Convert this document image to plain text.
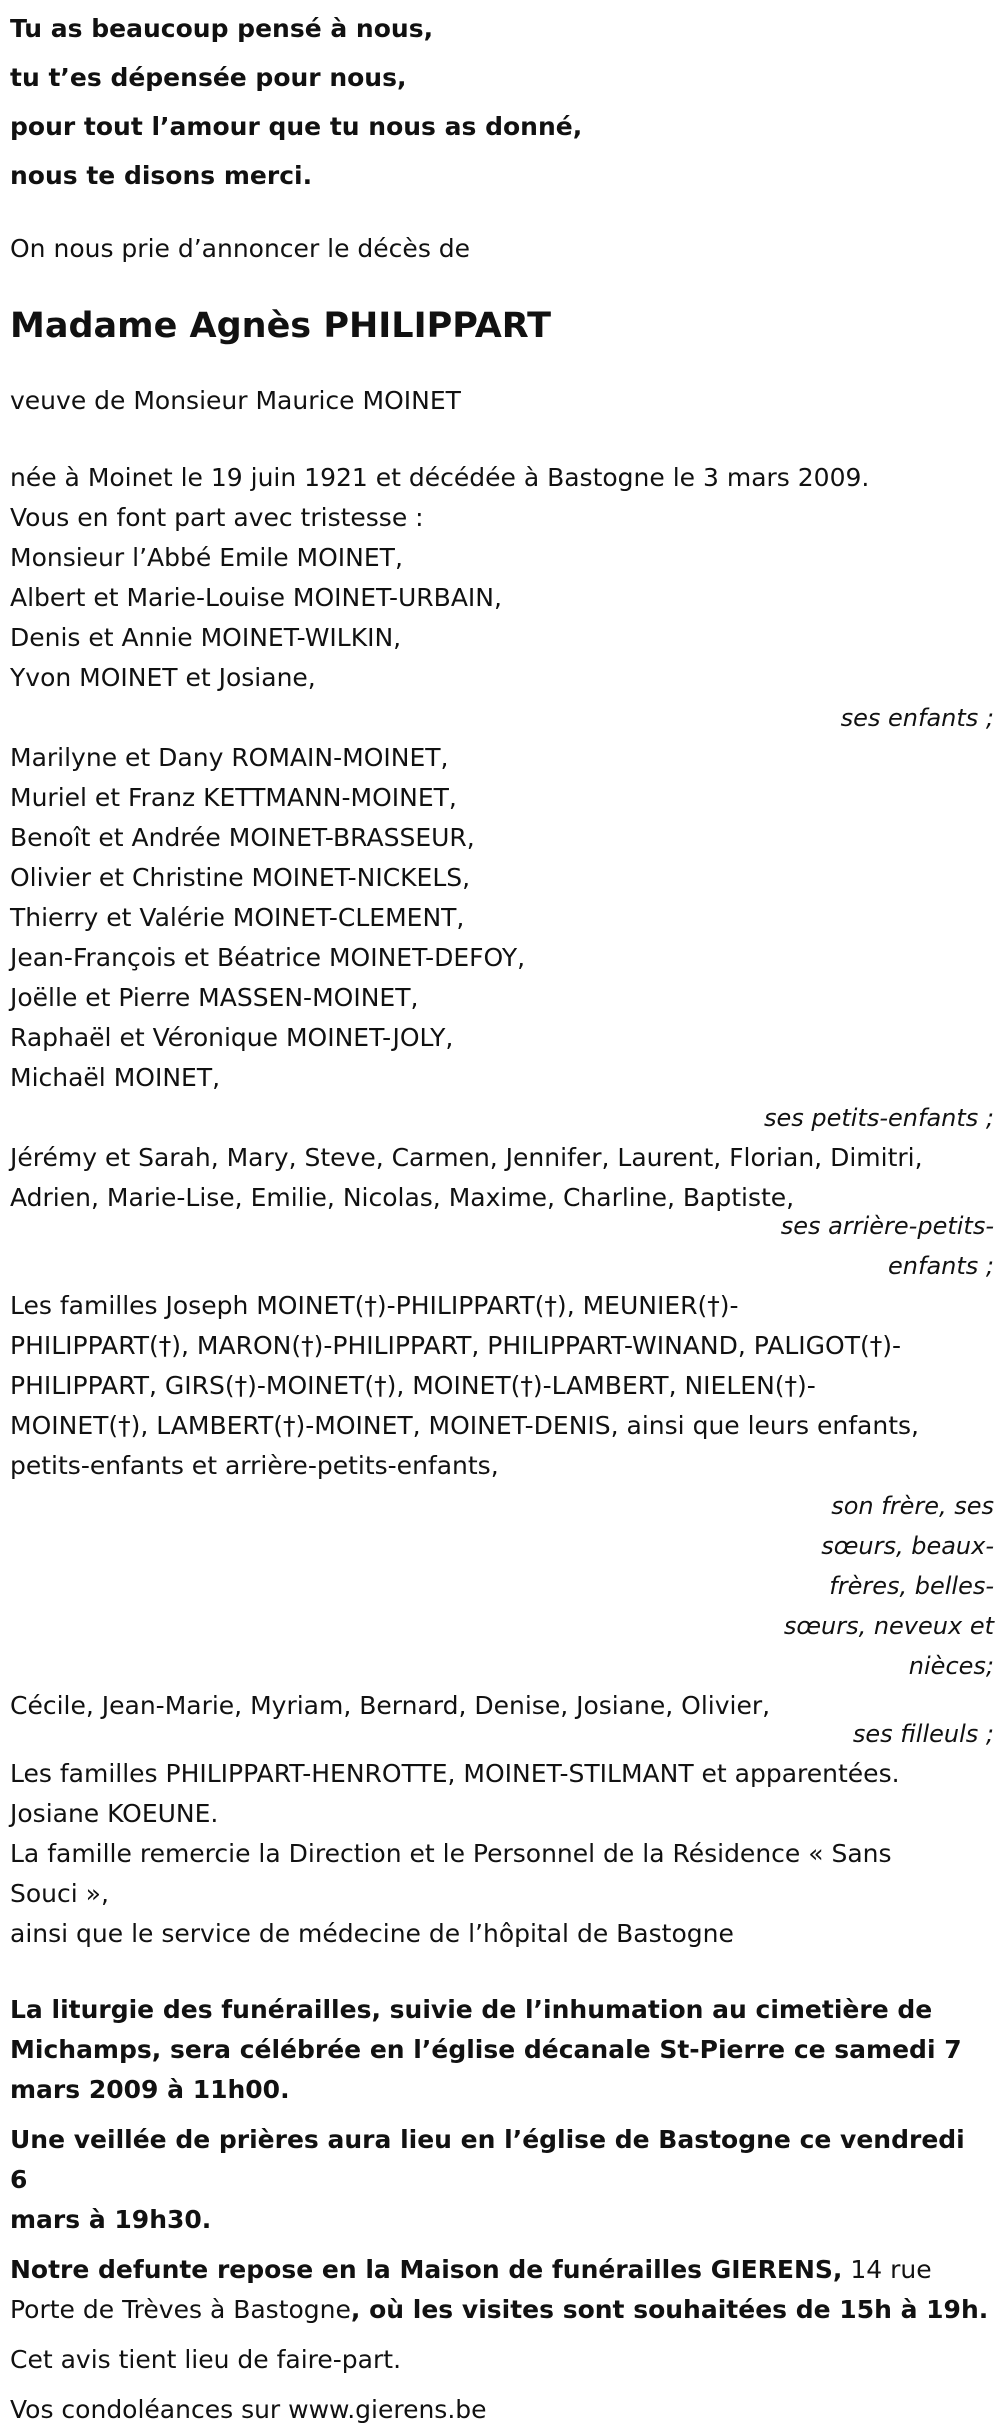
Tu as beaucoup pensé à nous,
tu t’es dépensée pour nous,
pour tout l’amour que tu nous as donné,
nous te disons merci.
On nous prie d’annoncer le décès de
Madame Agnès PHILIPPART
veuve de Monsieur Maurice MOINET
née à Moinet le 19 juin 1921 et décédée à Bastogne le 3 mars 2009.
Vous en font part avec tristesse :
Monsieur l’Abbé Emile MOINET,
Albert et Marie-Louise MOINET-URBAIN,
Denis et Annie MOINET-WILKIN,
Yvon MOINET et Josiane,
ses enfants ;
Marilyne et Dany ROMAIN-MOINET,
Muriel et Franz KETTMANN-MOINET,
Benoît et Andrée MOINET-BRASSEUR,
Olivier et Christine MOINET-NICKELS,
Thierry et Valérie MOINET-CLEMENT,
Jean-François et Béatrice MOINET-DEFOY,
Joëlle et Pierre MASSEN-MOINET,
Raphaël et Véronique MOINET-JOLY,
Michaël MOINET,
ses petits-enfants ;
Jérémy et Sarah, Mary, Steve, Carmen, Jennifer, Laurent, Florian, Dimitri,
Adrien, Marie-Lise, Emilie, Nicolas, Maxime, Charline, Baptiste,
ses arrière-petits-
enfants ;
Les familles Joseph MOINET(†)-PHILIPPART(†), MEUNIER(†)-
PHILIPPART(†), MARON(†)-PHILIPPART, PHILIPPART-WINAND, PALIGOT(†)-
PHILIPPART, GIRS(†)-MOINET(†), MOINET(†)-LAMBERT, NIELEN(†)-
MOINET(†), LAMBERT(†)-MOINET, MOINET-DENIS, ainsi que leurs enfants,
petits-enfants et arrière-petits-enfants,
son frère, ses
sœurs, beaux-
frères, belles-
sœurs, neveux et
nièces;
Cécile, Jean-Marie, Myriam, Bernard, Denise, Josiane, Olivier,
ses filleuls ;
Les familles PHILIPPART-HENROTTE, MOINET-STILMANT et apparentées.
Josiane KOEUNE.
La famille remercie la Direction et le Personnel de la Résidence « Sans
Souci »,
ainsi que le service de médecine de l’hôpital de Bastogne
La liturgie des funérailles, suivie de l’inhumation au cimetière de
Michamps, sera célébrée en l’église décanale St-Pierre ce samedi 7
mars 2009 à 11h00.
Une veillée de prières aura lieu en l’église de Bastogne ce vendredi 6
mars à 19h30.
Notre defunte repose en la Maison de funérailles GIERENS, 14 rue
Porte de Trèves à Bastogne, où les visites sont souhaitées de 15h à 19h.
Cet avis tient lieu de faire-part.
Vos condoléances sur www.gierens.be
